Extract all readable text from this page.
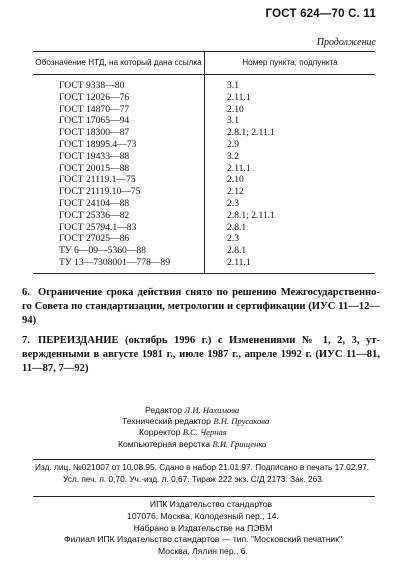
ГОСТ 624—70 С. 11
Продолжение
Обозначение НТД, на который дана ссылка	Номер пункта, подпункта
ГОСТ 9338—80	3.1
ГОСТ 12026—76	2.11.1
ГОСТ 14870—77	2.10
ГОСТ 17065—94	3.1
ГОСТ 18300—87	2.8.1; 2.11.1
ГОСТ 18995.4—73	2.9
ГОСТ 19433—88	3.2
ГОСТ 20015—88	2.11.1
ГОСТ 21119.1—75	2.10
ГОСТ 21119.10—75	2.12
ГОСТ 24104—88	2.3
ГОСТ 25336—82	2.8.1; 2.11.1
ГОСТ 25794.1—83	2.8.1
ГОСТ 27025—86	2.3
ТУ 6—09—5360—88	2.8.1
ТУ 13—7308001—778—89	2.11.1
6. Ограничение срока действия снято по решению Межгосударственно-го Совета по стандартизации, метрологии и сертификации (ИУС 11—12—94)
7. ПЕРЕИЗДАНИЕ (октябрь 1996 г.) с Изменениями № 1, 2, 3, ут-вержденными в августе 1981 г., июле 1987 г., апреле 1992 г. (ИУС 11—81, 11—87, 7—92)
Редактор Л.И. Нахимова
Технический редактор В.Н. Прусакова
Корректор В.С. Черная
Компьютерная верстка В.И. Грищенко
Изд. лиц. №021007 от 10.08.95. Сдано в набор 21.01.97. Подписано в печать 17.02.97.
Усл. печ. л. 0,70. Уч.-изд. л. 0,67. Тираж 222 экз. С/Д 2173. Зак. 263.
ИПК Издательство стандартов
107076, Москва, Колодезный пер., 14.
Набрано в Издательстве на ПЭВМ
Филиал ИПК Издательство стандартов — тип. "Московский печатник"
Москва, Лялин пер., 6.
